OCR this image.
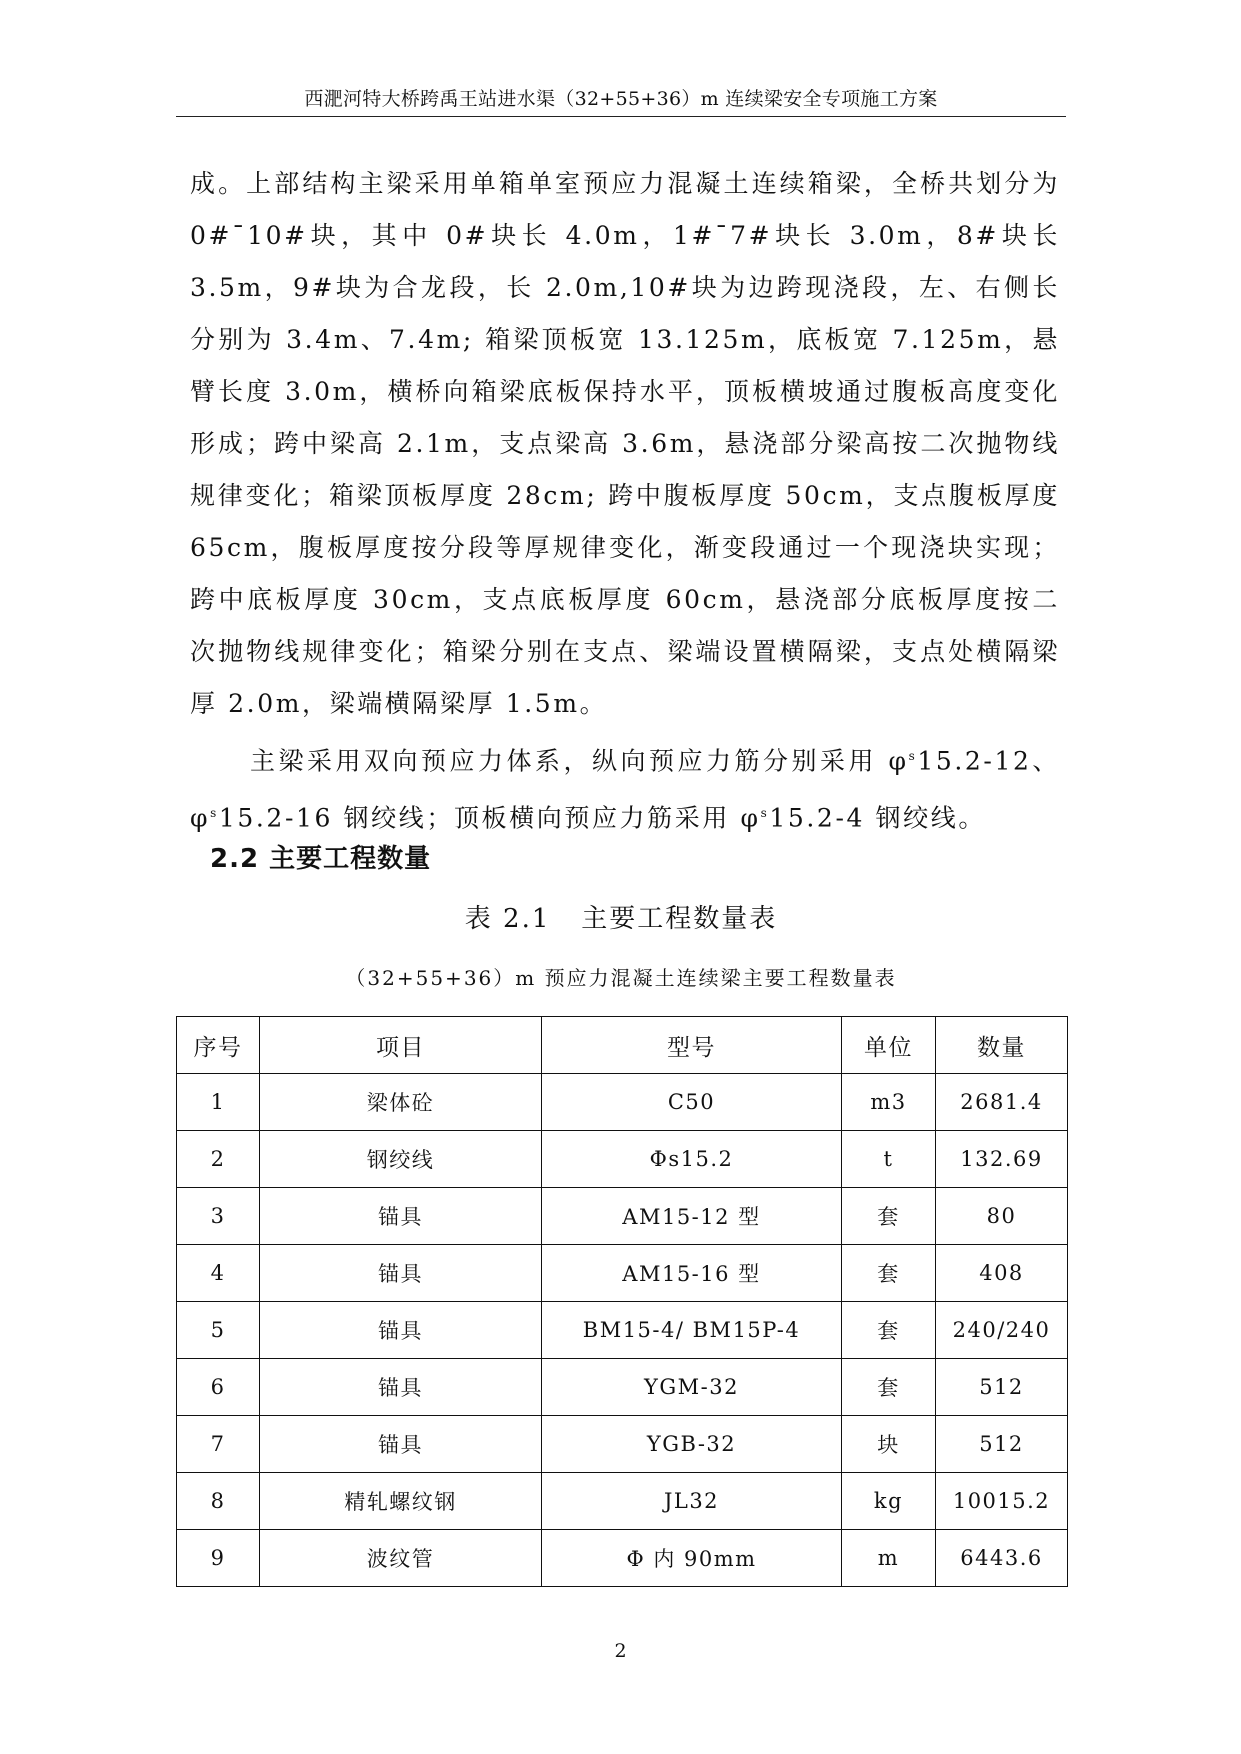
西淝河特大桥跨禹王站进水渠（32+55+36）m 连续梁安全专项施工方案

成。上部结构主梁采用单箱单室预应力混凝土连续箱梁，全桥共划分为 0#¯10#块，其中 0#块长 4.0m，1#¯7#块长 3.0m，8#块长 3.5m，9#块为合龙段，长 2.0m,10#块为边跨现浇段，左、右侧长分别为 3.4m、7.4m; 箱梁顶板宽 13.125m，底板宽 7.125m，悬臂长度 3.0m，横桥向箱梁底板保持水平，顶板横坡通过腹板高度变化形成；跨中梁高 2.1m，支点梁高 3.6m，悬浇部分梁高按二次抛物线规律变化；箱梁顶板厚度 28cm; 跨中腹板厚度 50cm，支点腹板厚度 65cm，腹板厚度按分段等厚规律变化，渐变段通过一个现浇块实现；跨中底板厚度 30cm，支点底板厚度 60cm，悬浇部分底板厚度按二次抛物线规律变化；箱梁分别在支点、梁端设置横隔梁，支点处横隔梁厚 2.0m，梁端横隔梁厚 1.5m。

主梁采用双向预应力体系，纵向预应力筋分别采用 $\varphi^s15.2-12$、$\varphi^s15.2-16$ 钢绞线；顶板横向预应力筋采用 $\varphi^s15.2-4$ 钢绞线。

2.2 主要工程数量
表 2.1   主要工程数量表
（32+55+36）m 预应力混凝土连续梁主要工程数量表
序号	项目	型号	单位	数量
1	梁体砼	C50	m3	2681.4
2	钢绞线	Φs15.2	t	132.69
3	锚具	AM15-12 型	套	80
4	锚具	AM15-16 型	套	408
5	锚具	BM15-4/ BM15P-4	套	240/240
6	锚具	YGM-32	套	512
7	锚具	YGB-32	块	512
8	精轧螺纹钢	JL32	kg	10015.2
9	波纹管	Φ 内 90mm	m	6443.6
2
